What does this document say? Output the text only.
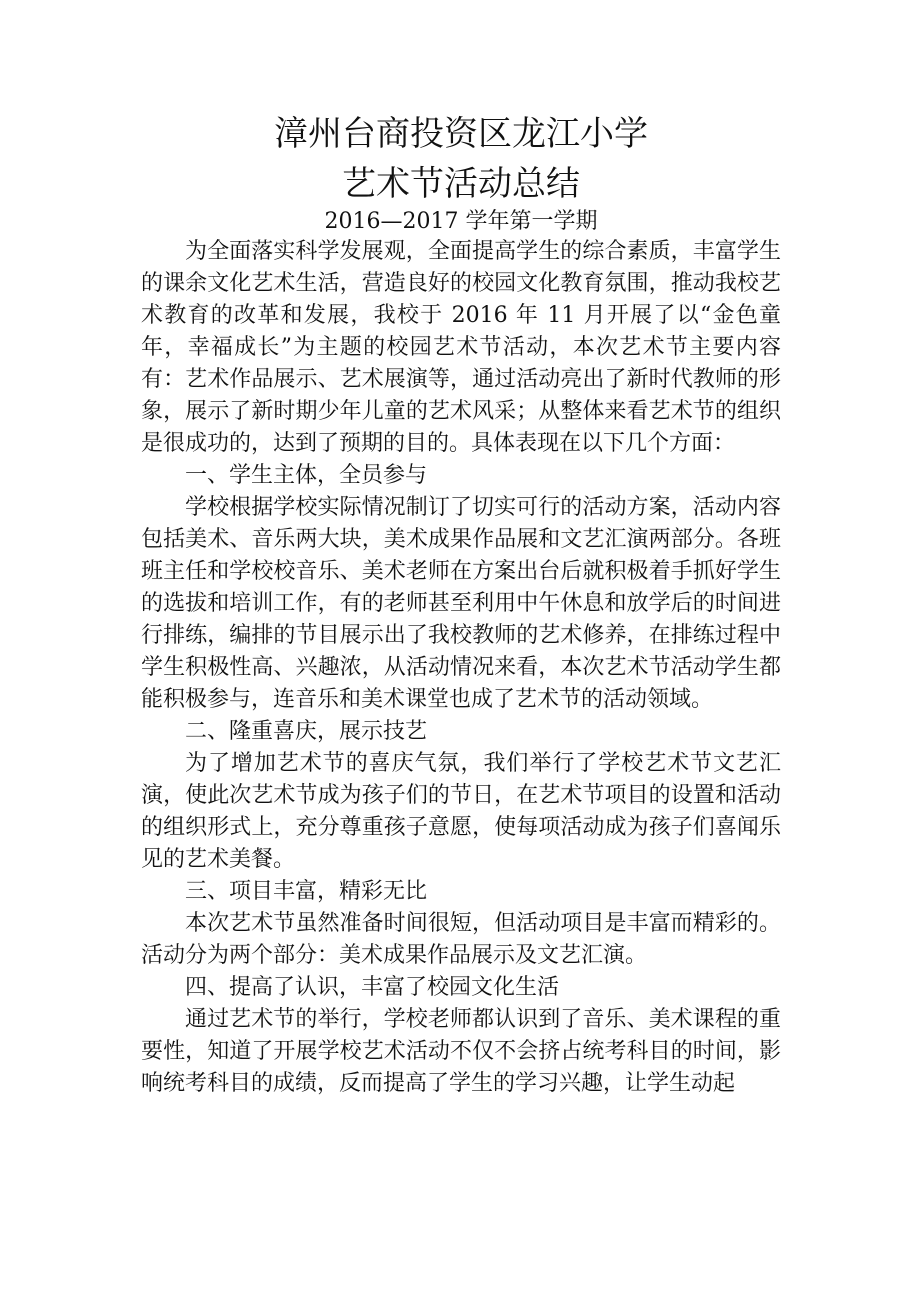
漳州台商投资区龙江小学
艺术节活动总结
2016—2017 学年第一学期

为全面落实科学发展观，全面提高学生的综合素质，丰富学生的课余文化艺术生活，营造良好的校园文化教育氛围，推动我校艺术教育的改革和发展，我校于 2016 年 11 月开展了以“金色童年，幸福成长”为主题的校园艺术节活动，本次艺术节主要内容有：艺术作品展示、艺术展演等，通过活动亮出了新时代教师的形象，展示了新时期少年儿童的艺术风采；从整体来看艺术节的组织是很成功的，达到了预期的目的。具体表现在以下几个方面：

一、学生主体，全员参与

学校根据学校实际情况制订了切实可行的活动方案，活动内容包括美术、音乐两大块，美术成果作品展和文艺汇演两部分。各班班主任和学校校音乐、美术老师在方案出台后就积极着手抓好学生的选拔和培训工作，有的老师甚至利用中午休息和放学后的时间进行排练，编排的节目展示出了我校教师的艺术修养，在排练过程中学生积极性高、兴趣浓，从活动情况来看，本次艺术节活动学生都能积极参与，连音乐和美术课堂也成了艺术节的活动领域。

二、隆重喜庆，展示技艺

为了增加艺术节的喜庆气氛，我们举行了学校艺术节文艺汇演，使此次艺术节成为孩子们的节日，在艺术节项目的设置和活动的组织形式上，充分尊重孩子意愿，使每项活动成为孩子们喜闻乐见的艺术美餐。

三、项目丰富，精彩无比

本次艺术节虽然准备时间很短，但活动项目是丰富而精彩的。活动分为两个部分：美术成果作品展示及文艺汇演。

四、提高了认识，丰富了校园文化生活

通过艺术节的举行，学校老师都认识到了音乐、美术课程的重要性，知道了开展学校艺术活动不仅不会挤占统考科目的时间，影响统考科目的成绩，反而提高了学生的学习兴趣，让学生动起
